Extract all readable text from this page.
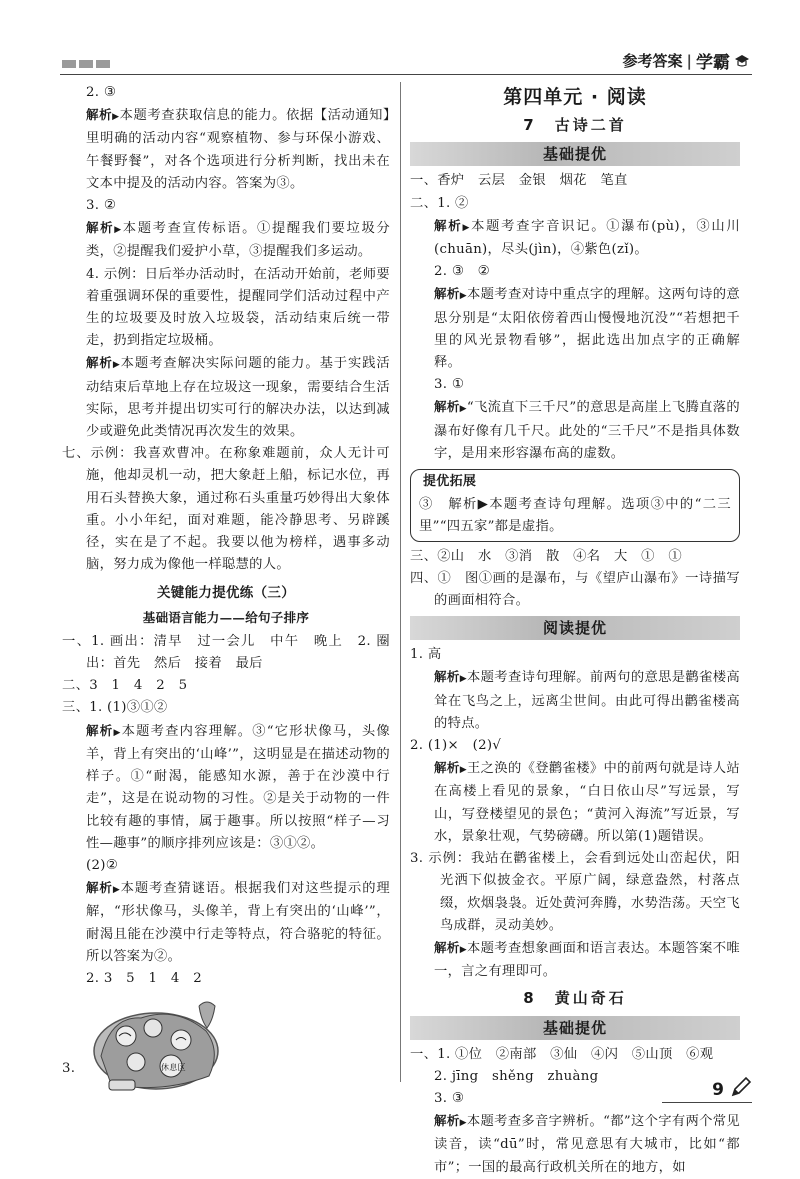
参考答案 | 学霸

2. ③

解析▶本题考查获取信息的能力。依据【活动通知】里明确的活动内容“观察植物、参与环保小游戏、午餐野餐”，对各个选项进行分析判断，找出未在文本中提及的活动内容。答案为③。

3. ②

解析▶本题考查宣传标语。①提醒我们要垃圾分类，②提醒我们爱护小草，③提醒我们多运动。

4. 示例：日后举办活动时，在活动开始前，老师要着重强调环保的重要性，提醒同学们活动过程中产生的垃圾要及时放入垃圾袋，活动结束后统一带走，扔到指定垃圾桶。

解析▶本题考查解决实际问题的能力。基于实践活动结束后草地上存在垃圾这一现象，需要结合生活实际，思考并提出切实可行的解决办法，以达到减少或避免此类情况再次发生的效果。

七、示例：我喜欢曹冲。在称象难题前，众人无计可施，他却灵机一动，把大象赶上船，标记水位，再用石头替换大象，通过称石头重量巧妙得出大象体重。小小年纪，面对难题，能冷静思考、另辟蹊径，实在是了不起。我要以他为榜样，遇事多动脑，努力成为像他一样聪慧的人。

关键能力提优练（三）
基础语言能力——给句子排序

一、1. 画出：清早　过一会儿　中午　晚上　2. 圈出：首先　然后　接着　最后

二、3　1　4　2　5

三、1. (1)③①②

解析▶本题考查内容理解。③“它形状像马，头像羊，背上有突出的‘山峰’”，这明显是在描述动物的样子。①“耐渴，能感知水源，善于在沙漠中行走”，这是在说动物的习性。②是关于动物的一件比较有趣的事情，属于趣事。所以按照“样子—习性—趣事”的顺序排列应该是：③①②。

(2)②

解析▶本题考查猜谜语。根据我们对这些提示的理解，“形状像马，头像羊，背上有突出的‘山峰’”，耐渴且能在沙漠中行走等特点，符合骆驼的特征。所以答案为②。

2. 3　5　1　4　2

3.	休息区
第四单元 · 阅读
7　古诗二首
基础提优

一、香炉　云层　金银　烟花　笔直

二、1. ②

解析▶本题考查字音识记。①瀑布(pù)，③山川(chuān)，尽头(jìn)，④紫色(zǐ)。

2. ③　②

解析▶本题考查对诗中重点字的理解。这两句诗的意思分别是“太阳依傍着西山慢慢地沉没”“若想把千里的风光景物看够”，据此选出加点字的正确解释。

3. ①

解析▶“飞流直下三千尺”的意思是高崖上飞腾直落的瀑布好像有几千尺。此处的“三千尺”不是指具体数字，是用来形容瀑布高的虚数。

提优拓展

③　解析▶本题考查诗句理解。选项③中的“二三里”“四五家”都是虚指。

三、②山　水　③消　散　④名　大　①　①

四、①　图①画的是瀑布，与《望庐山瀑布》一诗描写的画面相符合。

阅读提优

1. 高

解析▶本题考查诗句理解。前两句的意思是鹳雀楼高耸在飞鸟之上，远离尘世间。由此可得出鹳雀楼高的特点。

2. (1)×　(2)√

解析▶王之涣的《登鹳雀楼》中的前两句就是诗人站在高楼上看见的景象，“白日依山尽”写远景，写山，写登楼望见的景色；“黄河入海流”写近景，写水，景象壮观，气势磅礴。所以第(1)题错误。

3. 示例：我站在鹳雀楼上，会看到远处山峦起伏，阳光洒下似披金衣。平原广阔，绿意盎然，村落点缀，炊烟袅袅。近处黄河奔腾，水势浩荡。天空飞鸟成群，灵动美妙。

解析▶本题考查想象画面和语言表达。本题答案不唯一，言之有理即可。

8　黄山奇石
基础提优

一、1. ①位　②南部　③仙　④闪　⑤山顶　⑥观

2. jīng　shěng　zhuàng

3. ③

解析▶本题考查多音字辨析。“都”这个字有两个常见读音，读“dū”时，常见意思有大城市，比如“都市”；一国的最高行政机关所在的地方，如

9
